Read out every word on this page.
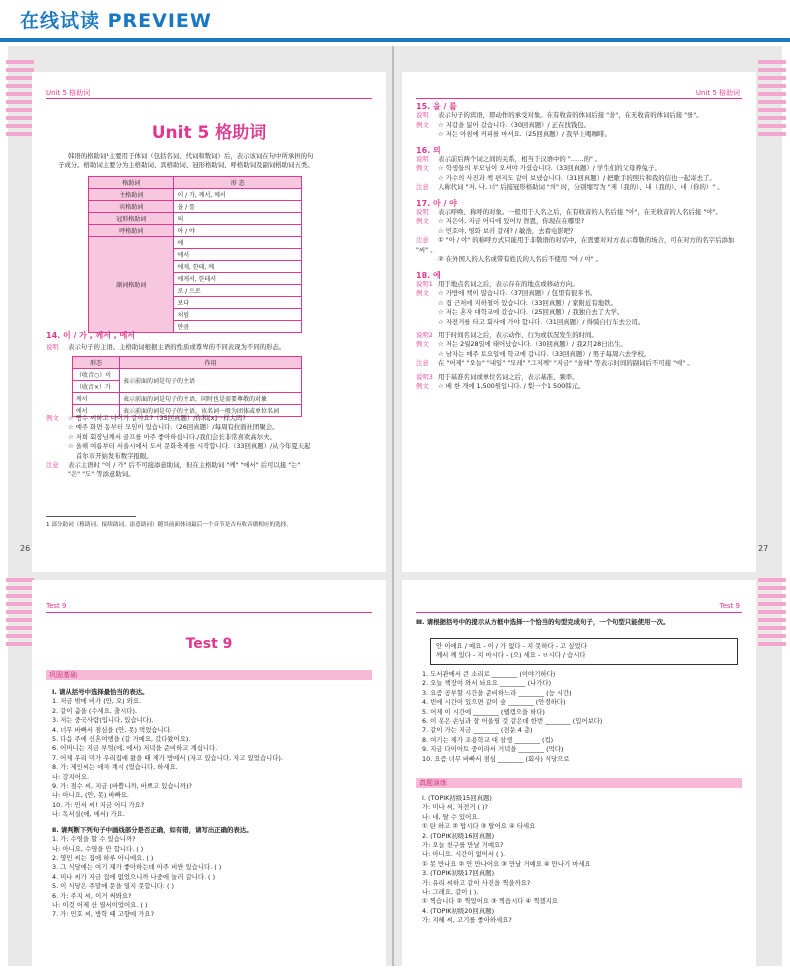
在线试读 PREVIEW
Unit 5 格助词
Unit 5 格助词
韩语的格助词¹主要用于体词（包括名词、代词和数词）后，表示该词在句中所承担的句
子成分。格助词主要分为主格助词、宾格助词、冠形格助词、呼格助词及副词格助词五类。
格助词	形 态
主格助词	이 / 가, 께서, 께서
宾格助词	을 / 를
冠形格助词	의
呼格助词	아 / 야
副词格助词	에
	에서
	에게, 한테, 께
	에게서, 한테서
	로 / 으로
	보다
	처럼
	만큼
14. 이 / 가 , 께서 , 에서
说明 表示句子的主语。主格助词根据主语的性质或尊卑的不同表现为不同的形态。
形态	作用
（收音○）이	表示前面的词是句子的主语
（收音×）가	
께서	表示前面的词是句子的主语，同时也是需要尊敬的对象
에서	表示前面的词是句子的主语，该名词一般为团体或单位名词
例文 ☆ 빵수 씨하고 나이가 같아요?（35回真题）/你和[x]一样大吗?
☆ 매주 화면 동부터 모임이 있습니다.（26回真题）/每周有拉面社团聚会。
☆ 저희 회장님께서 골프를 아주 좋아하십니다./我们会长非常喜欢高尔夫。
☆ 올해 여름부터 서울시에서 도서 문화축제를 시작합니다.（33回真题）/从今年夏天起
首尔市开始发布数字报眼。
注意 表示主语时 "이 / 가" 后不可接添意助词，但在主格助词 "께" "에서" 后可以接 "는"
"은" "도" 等添意助词。
1 部分助词（格助词、接续助词、添意助词）随其前面体词最后一个音节是否有收音做相应的选择。
26
Unit 5 格助词
15. 을 / 를
说明 表示句子的宾语，即动作的承受对象。在有收音的体词后接 "을"，在无收音的体词后接 "를"。
例文 ☆ 지갑을 잃어 갔습니다.（30回真题）/ 正在找钱包。
☆ 저는 아침에 커피를 마셔요.（25回真题）/ 我早上喝咖啡。
16. 의
说明 表示前后两个词之间的关系，相当于汉语中的 "……的" 。
例文 ☆ 학생들의 부모님이 오셔야 가셨습니다.（33回真题）/ 学生们的父母养兔子。
☆ 가수의 사진과 책 편지도 같이 보냈습니다.（31回真题）/ 把歌手的照片和我的信也一起寄去了。
注意 人称代词 "저, 나, 너" 后接冠形格助词 "의" 时，分别缩写为 "제（我的）、내（我的）、네（你的）" 。
17. 아 / 야
说明 表示呼唤、称呼的对象。一般用于人名之后，在有收音的人名后接 "아"，在无收音的人名后接 "야"。
例文 ☆ 지은아, 지금 어디에 있어?/ 智恩，你现在在哪里?
☆ 민호야, 영화 보러 갈래? / 敏浩，去看电影吧?
注意 ① "아 / 야" 的称呼方式只能用于非敬语的对话中，在需要对对方表示尊敬的场合，可在对方的名字后添加 "씨" 。
② 在外国人的人名或带有姓氏的人名后不使用 "아 / 야" 。
18. 에
说明1 用于地点名词之后，表示存在的地点或移动方向。
例文 ☆ 가방에 책이 많습니다.（37回真题）/ 包里有很多书。
☆ 집 근처에 지하철이 있습니다.（33回真题）/ 家附近有地铁。
☆ 저는 혼자 대학교에 갔습니다.（25回真题）/ 我独自去了大学。
☆ 자전거를 타고 회사에 가야 합니다.（31回真题）/ 得骑自行车去公司。
说明2 用于时间名词之后，表示动作、行为或状况发生的时间。
例文 ☆ 저는 2월28일에 태어났습니다.（30回真题）/ 我2月28日出生。
☆ 남자는 매주 토요일에 학교에 갑니다.（33回真题）/ 男子每周六去学校。
注意 在 "어제" "오늘" "내일" "모레" "그저께" "지금" "올해" 等表示时间的副词后不可接 "에" 。
说明3 用于基准名词或单位名词之后，表示基准、频率。
例文 ☆ 배 한 개에 1,500원입니다. / 梨一个1 500韩元。
27
Test 9
Test 9
巩固基础
Ⅰ. 请从括号中选择最恰当的表达。
1. 저금 밖에 비가 (만, 오) 와요.
2. 같이 춤을 (수세요, 출시다).
3. 저는 중국사람(입니다, 있습니다).
4. 너무 바빠서 점심을 (안, 못) 먹었습니다.
5. 다음 주에 신혼여행을 (갈 거예요, 갔다왔어요).
6. 어머니는 지금 부엌(에, 에서) 저녁을 준비하고 계십니다.
7. 어제 우리 미가 우리집에 왔을 때 제가 방에서 (자고 있습니다, 자고 있었습니다).
8. 가: 제인씨는 애자 계시 (었습니다, 하세요.
나: 강지어요.
9. 가: 점수 씨, 지금 (바쁩니까, 바쁘고 있습니까)?
나: 아니요, (안, 못) 바빠요.
10. 가: 민서 씨! 지금 어디 가요?
나: 독서실(에, 에서) 가요.
Ⅱ. 请判断下列句子中画线部分是否正确，如有错，请写出正确的表达。
1. 가: 수영을 할 수 있습니까?
나: 아니요, 수영을 안 합니다. ( )
2. 영민 씨는 집에 하루 아니에요. ( )
3. 그 식당에는 여기 쟤가 좋아하는데 아주 비싼 있습니다. ( )
4. 미나 씨가 지금 집에 없었으니까 나중에 놀러 갈니다. ( )
5. 이 식당은 주말에 문을 열지 못합니다. ( )
6. 가: 주지 씨, 이거 써봐요?
나: 이것 어제 산 열서이었어요. ( )
7. 가: 민호 씨, 방학 때 고향에 가요?
Test 9
Ⅲ. 请根据括号中的提示从方框中选择一个恰当的句型完成句子，一个句型只能使用一次。
안 이에요 / 예요 - 이 / 가 없다 - 지 못하다 - 고 싶었다
께서 께 있다 - 지 마시다 - (으) 세요 - ㅂ시다 / 습시다
1. 도서관에서 큰 소리로 ________ (이야기하다)
2. 오늘 책장이 와서 놔요요 ________ (나가다)
3. 요즘 공부할 시간을 준비하느라 ________ (능 시간)
4. 빈에 시간이 있으면 같이 숲 ________ (안경하다)
5. 어제 이 시간에 ________ (웹캠으을 하다)
6. 이 옷은 손님과 잘 어울릴 것 같은데 한번 ________ (입어보다)
7. 같이 가는 지금 ________ (전둔 4 층)
8. 여기는 제가 조용학교 대 삼생 ________ (컵)
9. 지금 다이어트 중이라서 거녁을 ________ (먹다)
10. 요즘 너무 바빠서 점심 ________ (회사) 식당으로
真题演练
Ⅰ. (TOPIK初级15回真题)
가: 미나 씨, 자전거 ( )?
나: 네, 탈 수 있어요.
① 탄 하고 ② 탑시다 ③ 탈어요 ④ 타세요
2. (TOPIK初级16回真题)
가: 오늘 친구를 만날 거예요?
나: 아니요. 시간이 없어서 ( ).
① 못 만나요 ② 안 만나어요 ③ 만날 거예요 ④ 만나기 마세요
3. (TOPIK初级17回真题)
가: 유리 씨하고 같이 사진을 찍을까요?
나: 그래요, 같이 ( ).
① 찍습니다 ② 찍었어요 ③ 찍읍시다 ④ 찍겠지요
4. (TOPIK初级20回真题)
가: 지혜 씨, 고기를 좋아하세요?
